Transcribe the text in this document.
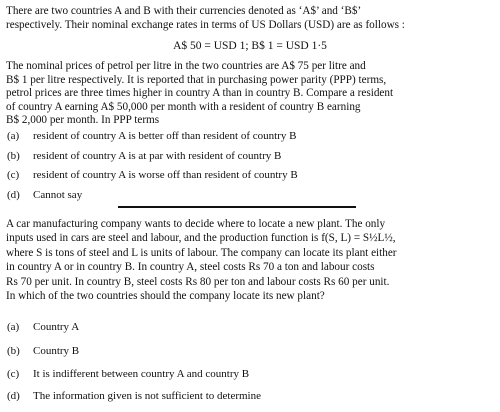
There are two countries A and B with their currencies denoted as ‘A$’ and ‘B$’
respectively. Their nominal exchange rates in terms of US Dollars (USD) are as follows :

A$ 50 = USD 1; B$ 1 = USD 1·5

The nominal prices of petrol per litre in the two countries are A$ 75 per litre and
B$ 1 per litre respectively. It is reported that in purchasing power parity (PPP) terms,
petrol prices are three times higher in country A than in country B. Compare a resident
of country A earning A$ 50,000 per month with a resident of country B earning
B$ 2,000 per month. In PPP terms

(a) resident of country A is better off than resident of country B

(b) resident of country A is at par with resident of country B

(c) resident of country A is worse off than resident of country B

(d) Cannot say

A car manufacturing company wants to decide where to locate a new plant. The only
inputs used in cars are steel and labour, and the production function is f(S, L) = S½L½,
where S is tons of steel and L is units of labour. The company can locate its plant either
in country A or in country B. In country A, steel costs Rs 70 a ton and labour costs
Rs 70 per unit. In country B, steel costs Rs 80 per ton and labour costs Rs 60 per unit.
In which of the two countries should the company locate its new plant?

(a) Country A

(b) Country B

(c) It is indifferent between country A and country B

(d) The information given is not sufficient to determine
